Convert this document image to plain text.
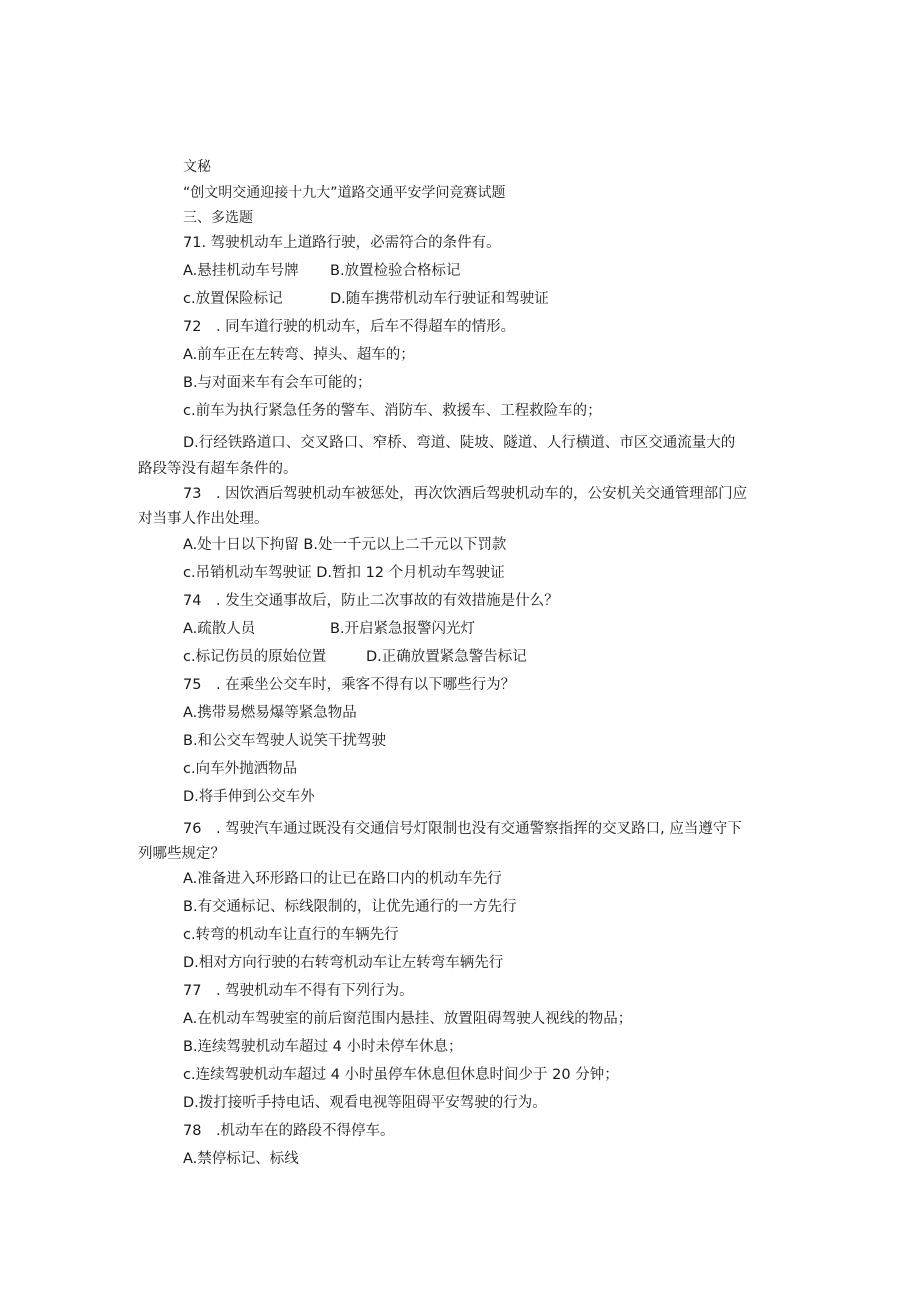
文秘
“创文明交通迎接十九大”道路交通平安学问竞赛试题
三、多选题
71. 驾驶机动车上道路行驶，必需符合的条件有。
A.悬挂机动车号牌 B.放置检验合格标记
c.放置保险标记	D.随车携带机动车行驶证和驾驶证
72　. 同车道行驶的机动车，后车不得超车的情形。
A.前车正在左转弯、掉头、超车的；
B.与对面来车有会车可能的；
c.前车为执行紧急任务的警车、消防车、救援车、工程救险车的；
D.行经铁路道口、交叉路口、窄桥、弯道、陡坡、隧道、人行横道、市区交通流量大的
路段等没有超车条件的。
73　. 因饮酒后驾驶机动车被惩处，再次饮酒后驾驶机动车的，公安机关交通管理部门应
对当事人作出处理。
A.处十日以下拘留 B.处一千元以上二千元以下罚款
c.吊销机动车驾驶证 D.暂扣 12 个月机动车驾驶证
74　. 发生交通事故后，防止二次事故的有效措施是什么？
A.疏散人员	B.开启紧急报警闪光灯
c.标记伤员的原始位置	D.正确放置紧急警告标记
75　. 在乘坐公交车时，乘客不得有以下哪些行为？
A.携带易燃易爆等紧急物品
B.和公交车驾驶人说笑干扰驾驶
c.向车外抛洒物品
D.将手伸到公交车外
76　. 驾驶汽车通过既没有交通信号灯限制也没有交通警察指挥的交叉路口, 应当遵守下
列哪些规定？
A.准备进入环形路口的让已在路口内的机动车先行
B.有交通标记、标线限制的，让优先通行的一方先行
c.转弯的机动车让直行的车辆先行
D.相对方向行驶的右转弯机动车让左转弯车辆先行
77　. 驾驶机动车不得有下列行为。
A.在机动车驾驶室的前后窗范围内悬挂、放置阻碍驾驶人视线的物品；
B.连续驾驶机动车超过 4 小时未停车休息；
c.连续驾驶机动车超过 4 小时虽停车休息但休息时间少于 20 分钟；
D.拨打接听手持电话、观看电视等阻碍平安驾驶的行为。
78　.机动车在的路段不得停车。
A.禁停标记、标线
